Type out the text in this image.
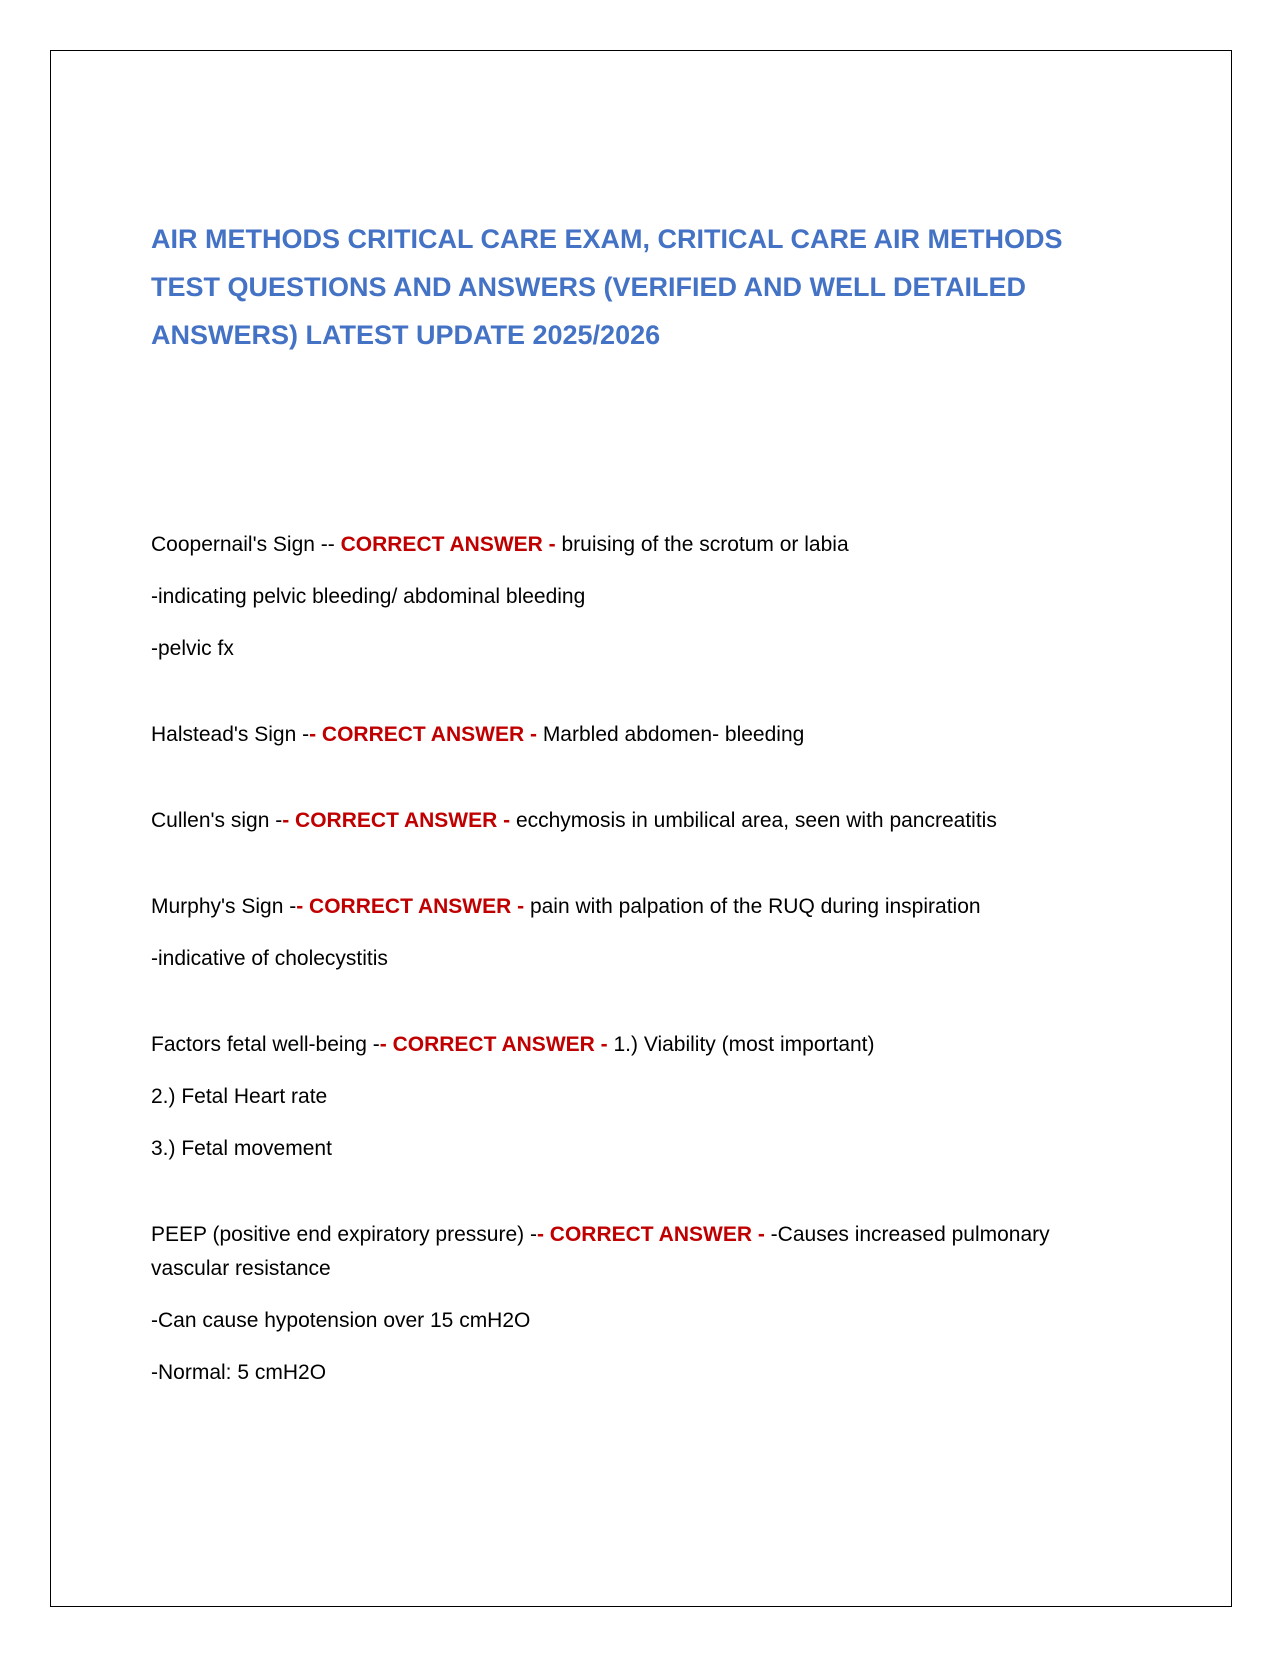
AIR METHODS CRITICAL CARE EXAM, CRITICAL CARE AIR METHODS
TEST QUESTIONS AND ANSWERS (VERIFIED AND WELL DETAILED
ANSWERS) LATEST UPDATE 2025/2026
Coopernail's Sign -- CORRECT ANSWER - bruising of the scrotum or labia
-indicating pelvic bleeding/ abdominal bleeding
-pelvic fx
Halstead's Sign -- CORRECT ANSWER - Marbled abdomen- bleeding
Cullen's sign -- CORRECT ANSWER - ecchymosis in umbilical area, seen with pancreatitis
Murphy's Sign -- CORRECT ANSWER - pain with palpation of the RUQ during inspiration
-indicative of cholecystitis
Factors fetal well-being -- CORRECT ANSWER - 1.) Viability (most important)
2.) Fetal Heart rate
3.) Fetal movement
PEEP (positive end expiratory pressure) -- CORRECT ANSWER - -Causes increased pulmonary vascular resistance
-Can cause hypotension over 15 cmH2O
-Normal: 5 cmH2O
